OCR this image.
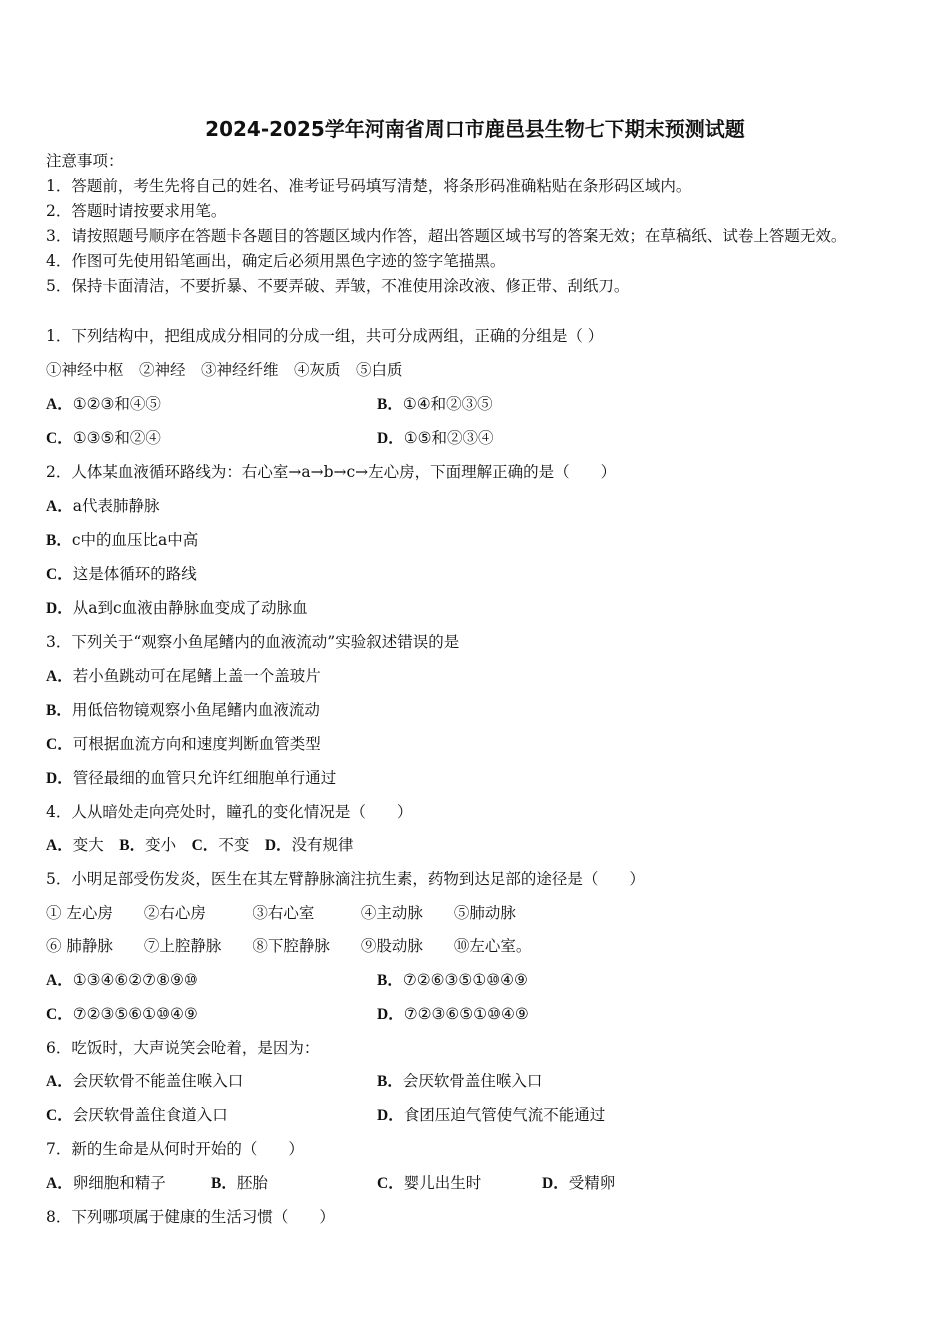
2024-2025学年河南省周口市鹿邑县生物七下期末预测试题
注意事项：
1．答题前，考生先将自己的姓名、准考证号码填写清楚，将条形码准确粘贴在条形码区域内。
2．答题时请按要求用笔。
3．请按照题号顺序在答题卡各题目的答题区域内作答，超出答题区域书写的答案无效；在草稿纸、试卷上答题无效。
4．作图可先使用铅笔画出，确定后必须用黑色字迹的签字笔描黑。
5．保持卡面清洁，不要折暴、不要弄破、弄皱，不准使用涂改液、修正带、刮纸刀。
1．下列结构中，把组成成分相同的分成一组，共可分成两组，正确的分组是（ ）
①神经中枢　②神经　③神经纤维　④灰质　⑤白质
A．①②③和④⑤	B．①④和②③⑤
C．①③⑤和②④	D．①⑤和②③④
2．人体某血液循环路线为：右心室→a→b→c→左心房，下面理解正确的是（　　）
A．a代表肺静脉
B．c中的血压比a中高
C．这是体循环的路线
D．从a到c血液由静脉血变成了动脉血
3．下列关于“观察小鱼尾鳍内的血液流动”实验叙述错误的是
A．若小鱼跳动可在尾鳍上盖一个盖玻片
B．用低倍物镜观察小鱼尾鳍内血液流动
C．可根据血流方向和速度判断血管类型
D．管径最细的血管只允许红细胞单行通过
4．人从暗处走向亮处时，瞳孔的变化情况是（　　）
A．变大　 B．变小　 C．不变　 D．没有规律
5．小明足部受伤发炎，医生在其左臂静脉滴注抗生素，药物到达足部的途径是（　　）
① 左心房　　②右心房　　　③右心室　　　④主动脉　　⑤肺动脉
⑥ 肺静脉　　⑦上腔静脉　　⑧下腔静脉　　⑨股动脉　　⑩左心室。
A．①③④⑥②⑦⑧⑨⑩	B．⑦②⑥③⑤①⑩④⑨
C．⑦②③⑤⑥①⑩④⑨	D．⑦②③⑥⑤①⑩④⑨
6．吃饭时，大声说笑会呛着，是因为：
A．会厌软骨不能盖住喉入口	B．会厌软骨盖住喉入口
C．会厌软骨盖住食道入口	D．食团压迫气管使气流不能通过
7．新的生命是从何时开始的（　　）
A．卵细胞和精子	B．胚胎	C．婴儿出生时	D．受精卵
8．下列哪项属于健康的生活习惯（　　）
